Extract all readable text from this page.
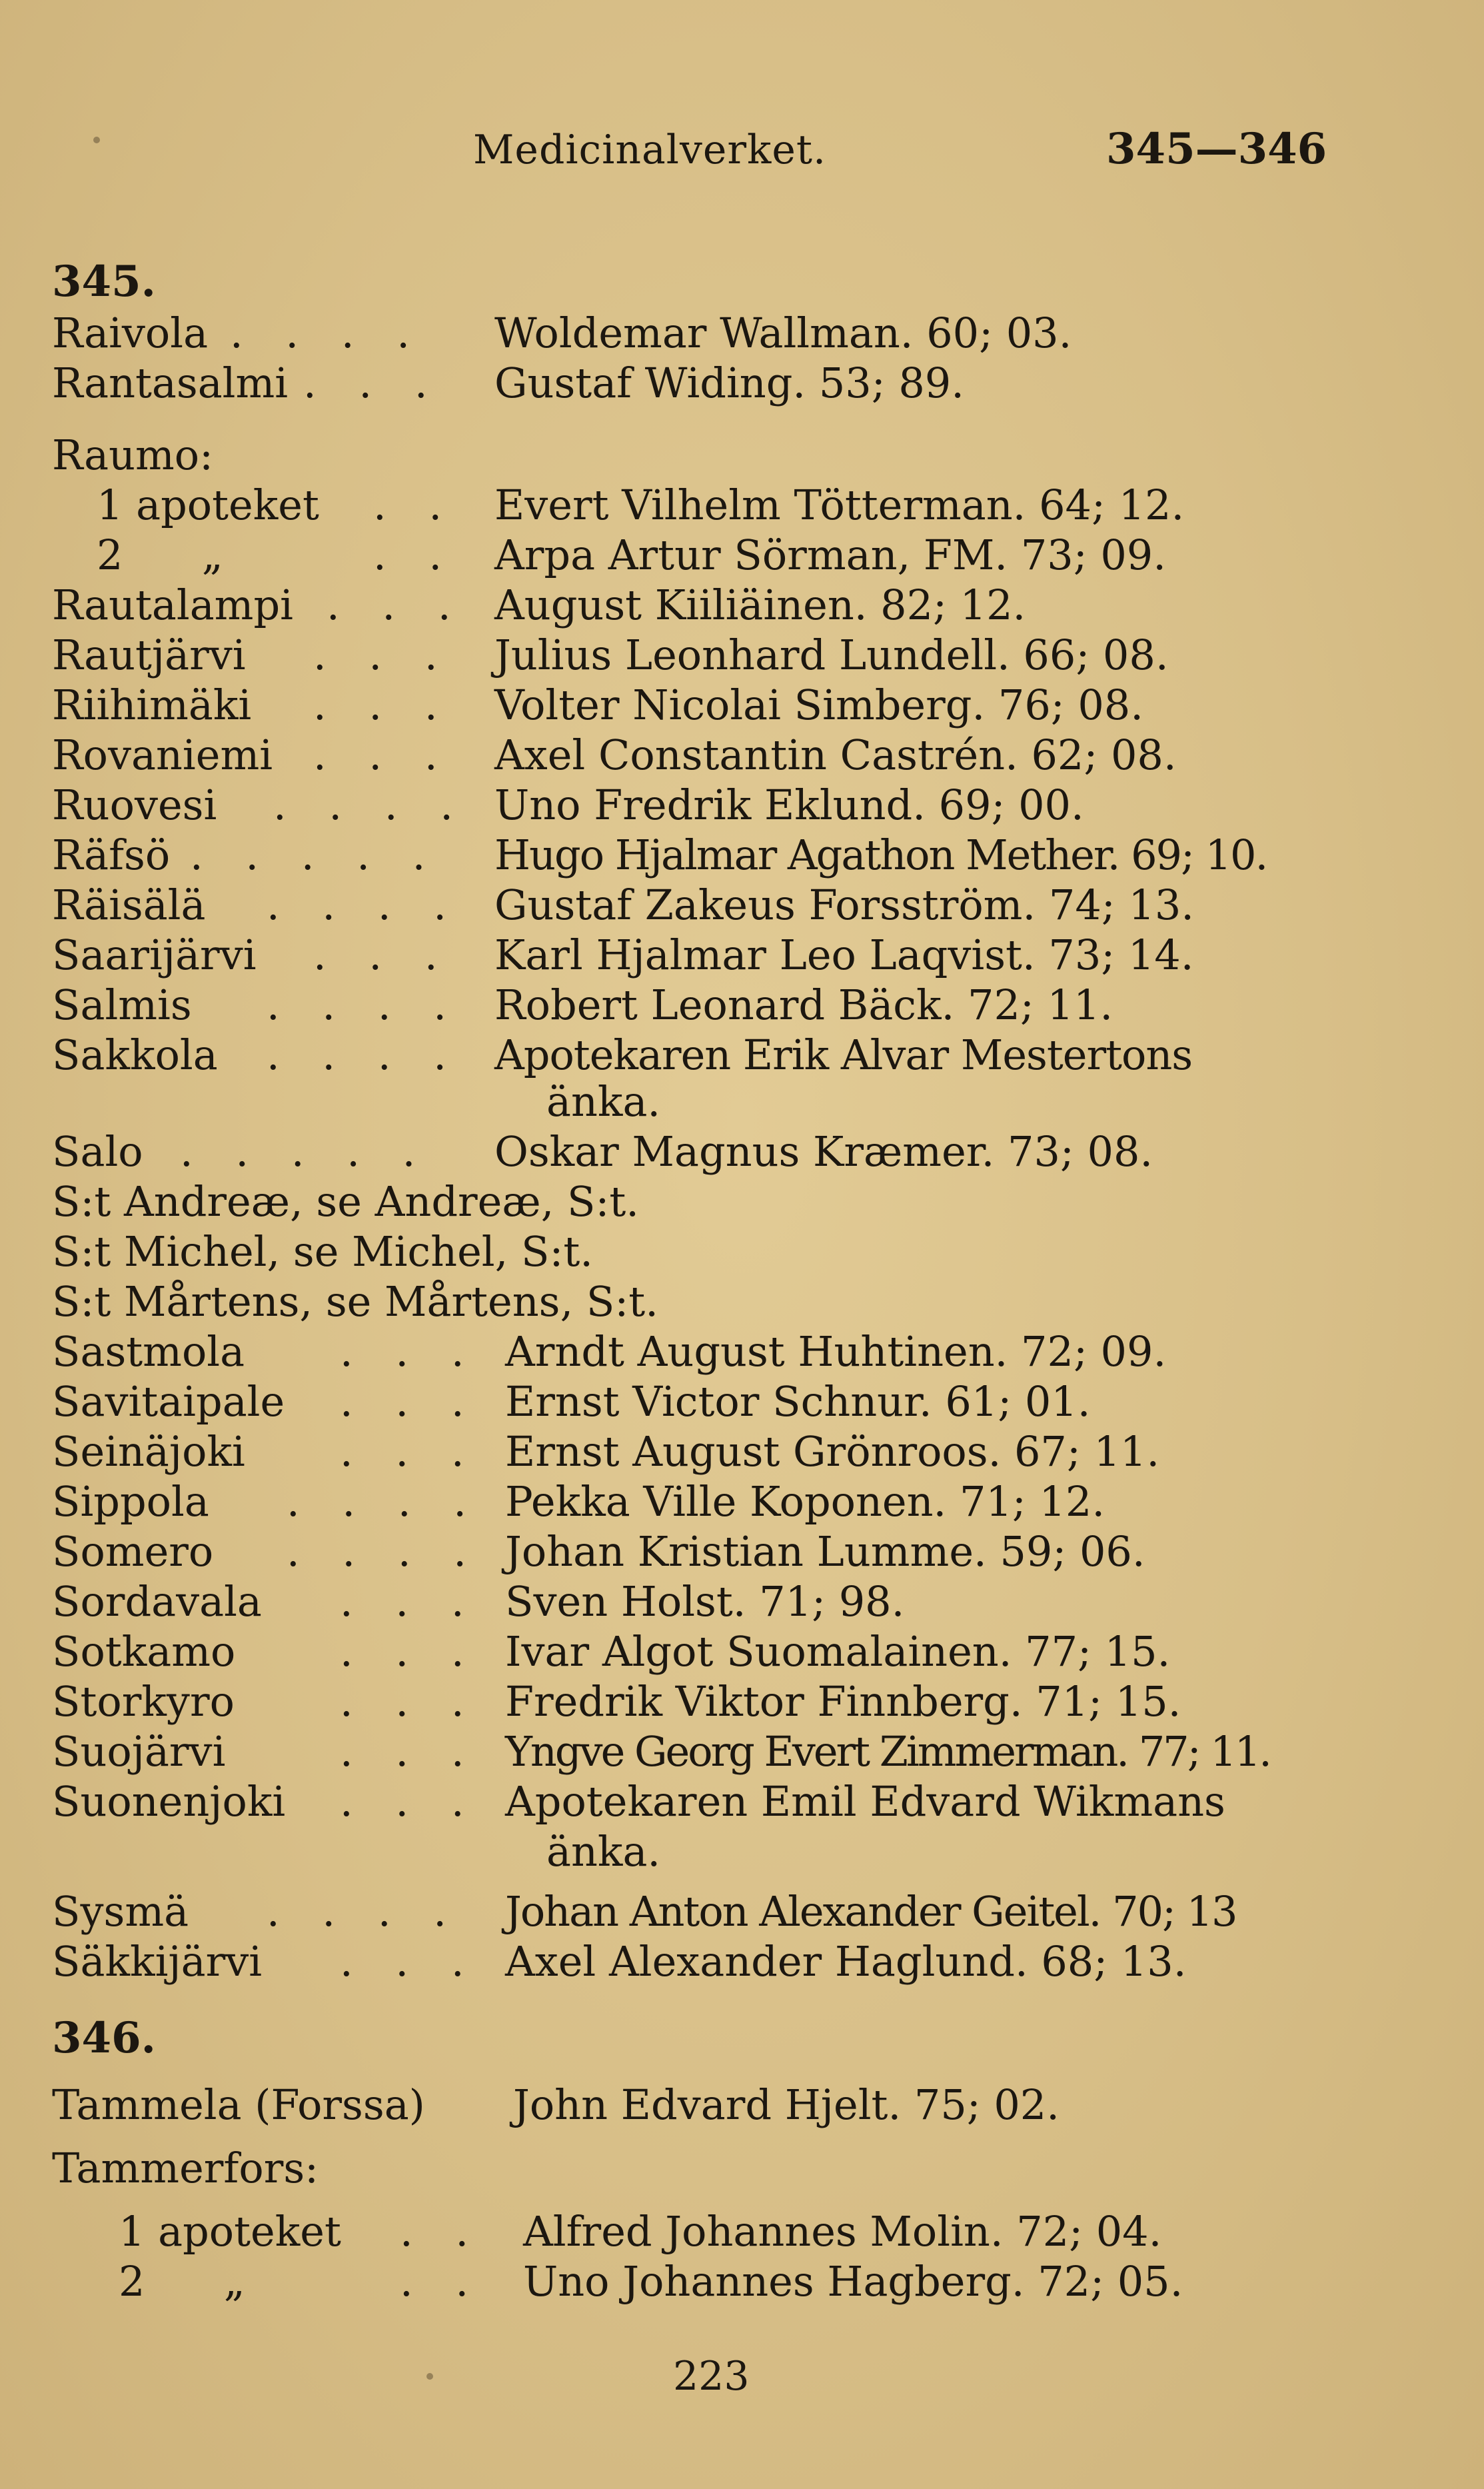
Medicinalverket.	345—346
345.
Raivola . . . . Woldemar Wallman. 60; 03.
Rantasalmi . . . Gustaf Widing. 53; 89.
Raumo:
1 apoteket . . Evert Vilhelm Tötterman. 64; 12.
2      „	. . Arpa Artur Sörman, FM. 73; 09.
Rautalampi . . . August Kiiliäinen. 82; 12.
Rautjärvi . . . Julius Leonhard Lundell. 66; 08.
Riihimäki . . . Volter Nicolai Simberg. 76; 08.
Rovaniemi . . . Axel Constantin Castrén. 62; 08.
Ruovesi . . . . Uno Fredrik Eklund. 69; 00.
Räfsö . . . . . Hugo Hjalmar Agathon Mether. 69; 10.
Räisälä . . . . Gustaf Zakeus Forsström. 74; 13.
Saarijärvi . . . Karl Hjalmar Leo Laqvist. 73; 14.
Salmis . . . . Robert Leonard Bäck. 72; 11.
Sakkola . . . . Apotekaren Erik Alvar Mestertons
änka.
Salo . . . . . Oskar Magnus Kræmer. 73; 08.
S:t Andreæ, se Andreæ, S:t.
S:t Michel, se Michel, S:t.
S:t Mårtens, se Mårtens, S:t.
Sastmola . . . Arndt August Huhtinen. 72; 09.
Savitaipale . . . Ernst Victor Schnur. 61; 01.
Seinäjoki . . . Ernst August Grönroos. 67; 11.
Sippola . . . . Pekka Ville Koponen. 71; 12.
Somero . . . . Johan Kristian Lumme. 59; 06.
Sordavala . . . Sven Holst. 71; 98.
Sotkamo	. . . Ivar Algot Suomalainen. 77; 15.
Storkyro	. . . Fredrik Viktor Finnberg. 71; 15.
Suojärvi	. . . Yngve Georg Evert Zimmerman. 77; 11.
Suonenjoki . . . Apotekaren Emil Edvard Wikmans
änka.
Sysmä . . . . Johan Anton Alexander Geitel. 70; 13
Säkkijärvi . . . Axel Alexander Haglund. 68; 13.
346.
Tammela (Forssa) John Edvard Hjelt. 75; 02.
Tammerfors:
1 apoteket . . Alfred Johannes Molin. 72; 04.
2      „	. . Uno Johannes Hagberg. 72; 05.
223
